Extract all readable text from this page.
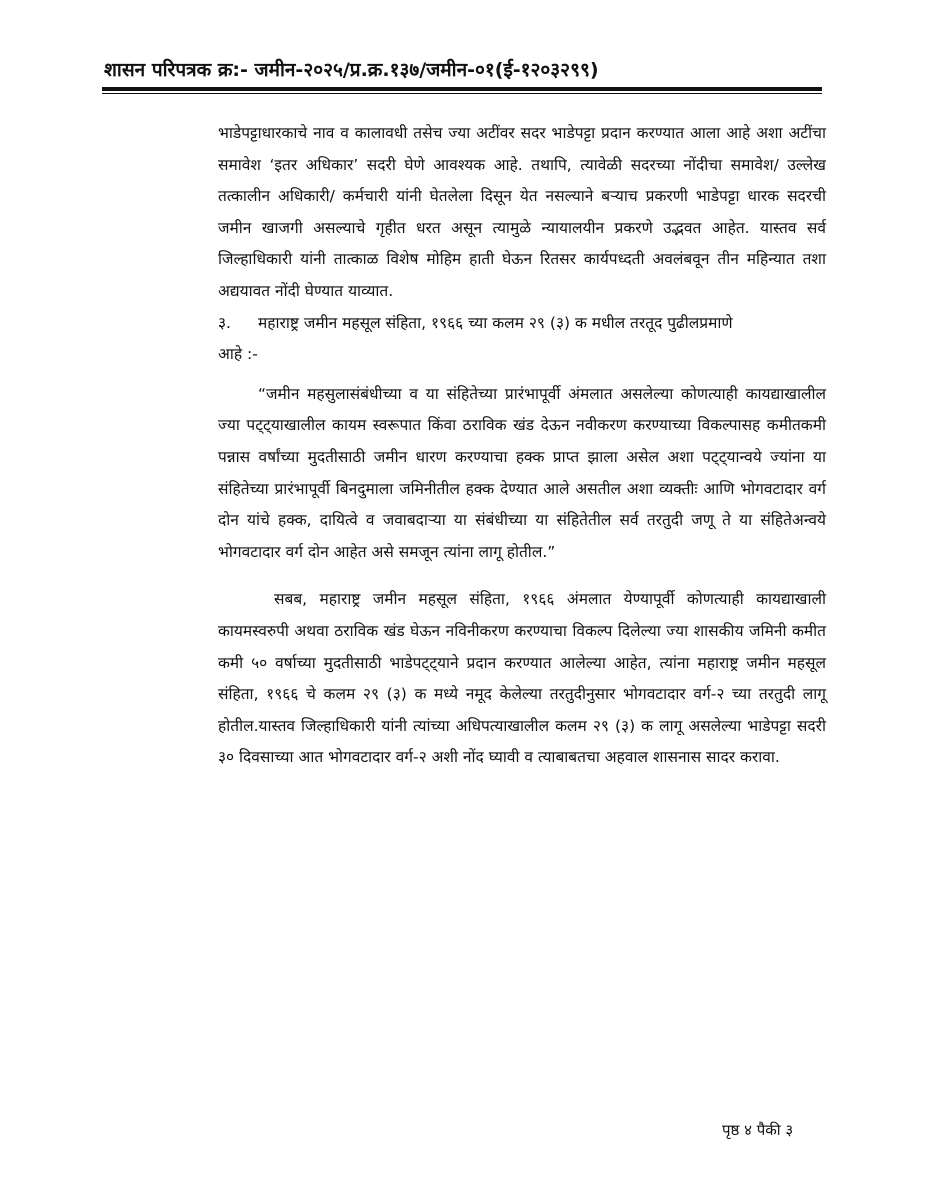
शासन परिपत्रक क्र:- जमीन-२०२५/प्र.क्र.१३७/जमीन-०१(ई-१२०३२९९)

भाडेपट्टाधारकाचे नाव व कालावधी तसेच ज्या अटींवर सदर भाडेपट्टा प्रदान करण्यात आला आहे अशा अटींचा समावेश ‘इतर अधिकार’ सदरी घेणे आवश्यक आहे. तथापि, त्यावेळी सदरच्या नोंदीचा समावेश/ उल्लेख तत्कालीन अधिकारी/ कर्मचारी यांनी घेतलेला दिसून येत नसल्याने बऱ्याच प्रकरणी भाडेपट्टा धारक सदरची जमीन खाजगी असल्याचे गृहीत धरत असून त्यामुळे न्यायालयीन प्रकरणे उद्भवत आहेत. यास्तव सर्व जिल्हाधिकारी यांनी तात्काळ विशेष मोहिम हाती घेऊन रितसर कार्यपध्दती अवलंबवून तीन महिन्यात तशा अद्ययावत नोंदी घेण्यात याव्यात.

३.	महाराष्ट्र जमीन महसूल संहिता, १९६६ च्या कलम २९ (३) क मधील तरतूद पुढीलप्रमाणे

आहे :-

“जमीन महसुलासंबंधीच्या व या संहितेच्या प्रारंभापूर्वी अंमलात असलेल्या कोणत्याही कायद्याखालील ज्या पट्ट्याखालील कायम स्वरूपात किंवा ठराविक खंड देऊन नवीकरण करण्याच्या विकल्पासह कमीतकमी पन्नास वर्षांच्या मुदतीसाठी जमीन धारण करण्याचा हक्क प्राप्त झाला असेल अशा पट्ट्यान्वये ज्यांना या संहितेच्या प्रारंभापूर्वी बिनदुमाला जमिनीतील हक्क देण्यात आले असतील अशा व्यक्तीः आणि भोगवटादार वर्ग दोन यांचे हक्क, दायित्वे व जवाबदाऱ्या या संबंधीच्या या संहितेतील सर्व तरतुदी जणू ते या संहितेअन्वये भोगवटादार वर्ग दोन आहेत असे समजून त्यांना लागू होतील.”

सबब, महाराष्ट्र जमीन महसूल संहिता, १९६६ अंमलात येण्यापूर्वी कोणत्याही कायद्याखाली कायमस्वरुपी अथवा ठराविक खंड घेऊन नविनीकरण करण्याचा विकल्प दिलेल्या ज्या शासकीय जमिनी कमीत कमी ५० वर्षाच्या मुदतीसाठी भाडेपट्ट्याने प्रदान करण्यात आलेल्या आहेत, त्यांना महाराष्ट्र जमीन महसूल संहिता, १९६६ चे कलम २९ (३) क मध्ये नमूद केलेल्या तरतुदीनुसार भोगवटादार वर्ग-२ च्या तरतुदी लागू होतील.यास्तव जिल्हाधिकारी यांनी त्यांच्या अधिपत्याखालील कलम २९ (३) क लागू असलेल्या भाडेपट्टा सदरी ३० दिवसाच्या आत भोगवटादार वर्ग-२ अशी नोंद घ्यावी व त्याबाबतचा अहवाल शासनास सादर करावा.

पृष्ठ ४ पैकी ३
